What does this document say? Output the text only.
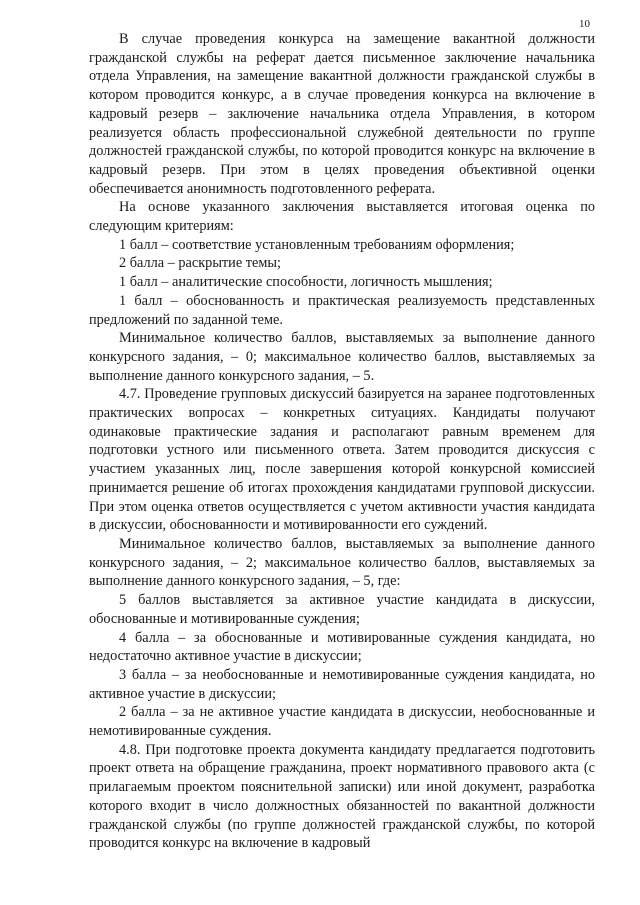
10

В случае проведения конкурса на замещение вакантной должности гражданской службы на реферат дается письменное заключение начальника отдела Управления, на замещение вакантной должности гражданской службы в котором проводится конкурс, а в случае проведения конкурса на включение в кадровый резерв – заключение начальника отдела Управления, в котором реализуется область профессиональной служебной деятельности по группе должностей гражданской службы, по которой проводится конкурс на включение в кадровый резерв. При этом в целях проведения объективной оценки обеспечивается анонимность подготовленного реферата.

На основе указанного заключения выставляется итоговая оценка по следующим критериям:

1 балл – соответствие установленным требованиям оформления;

2 балла – раскрытие темы;

1 балл – аналитические способности, логичность мышления;

1 балл – обоснованность и практическая реализуемость представленных предложений по заданной теме.

Минимальное количество баллов, выставляемых за выполнение данного конкурсного задания, – 0; максимальное количество баллов, выставляемых за выполнение данного конкурсного задания, – 5.

4.7. Проведение групповых дискуссий базируется на заранее подготовленных практических вопросах – конкретных ситуациях. Кандидаты получают одинаковые практические задания и располагают равным временем для подготовки устного или письменного ответа. Затем проводится дискуссия с участием указанных лиц, после завершения которой конкурсной комиссией принимается решение об итогах прохождения кандидатами групповой дискуссии. При этом оценка ответов осуществляется с учетом активности участия кандидата в дискуссии, обоснованности и мотивированности его суждений.

Минимальное количество баллов, выставляемых за выполнение данного конкурсного задания, – 2; максимальное количество баллов, выставляемых за выполнение данного конкурсного задания, – 5, где:

5 баллов выставляется за активное участие кандидата в дискуссии, обоснованные и мотивированные суждения;

4 балла – за обоснованные и мотивированные суждения кандидата, но недостаточно активное участие в дискуссии;

3 балла – за необоснованные и немотивированные суждения кандидата, но активное участие в дискуссии;

2 балла – за не активное участие кандидата в дискуссии, необоснованные и немотивированные суждения.

4.8. При подготовке проекта документа кандидату предлагается подготовить проект ответа на обращение гражданина, проект нормативного правового акта (с прилагаемым проектом пояснительной записки) или иной документ, разработка которого входит в число должностных обязанностей по вакантной должности гражданской службы (по группе должностей гражданской службы, по которой проводится конкурс на включение в кадровый
